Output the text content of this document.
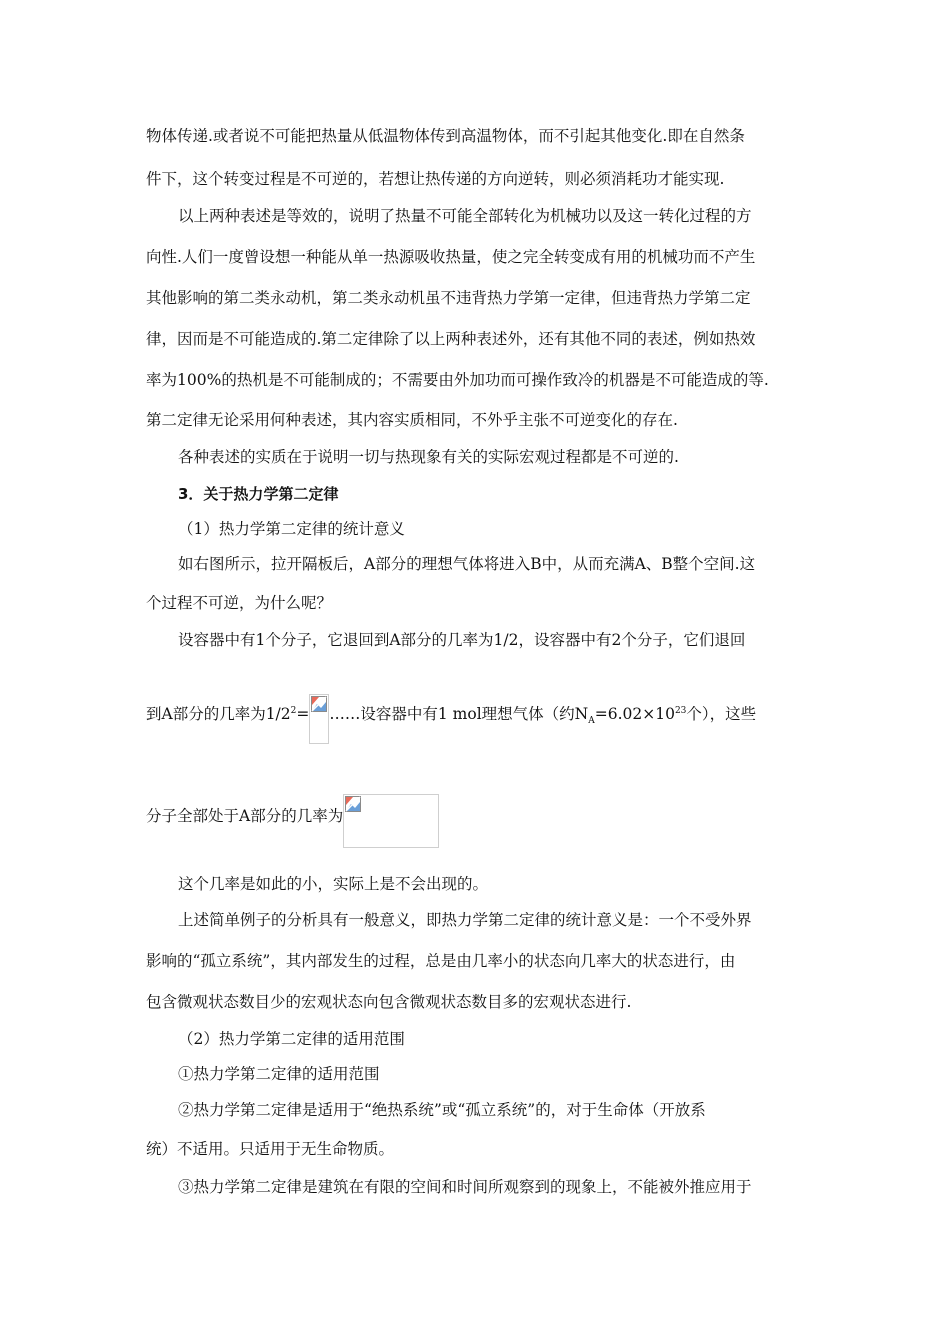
物体传递.或者说不可能把热量从低温物体传到高温物体，而不引起其他变化.即在自然条
件下，这个转变过程是不可逆的，若想让热传递的方向逆转，则必须消耗功才能实现.
以上两种表述是等效的，说明了热量不可能全部转化为机械功以及这一转化过程的方
向性.人们一度曾设想一种能从单一热源吸收热量，使之完全转变成有用的机械功而不产生
其他影响的第二类永动机，第二类永动机虽不违背热力学第一定律，但违背热力学第二定
律，因而是不可能造成的.第二定律除了以上两种表述外，还有其他不同的表述，例如热效
率为100%的热机是不可能制成的；不需要由外加功而可操作致冷的机器是不可能造成的等.
第二定律无论采用何种表述，其内容实质相同，不外乎主张不可逆变化的存在.
各种表述的实质在于说明一切与热现象有关的实际宏观过程都是不可逆的.
3．关于热力学第二定律
（1）热力学第二定律的统计意义
如右图所示，拉开隔板后，A部分的理想气体将进入B中，从而充满A、B整个空间.这
个过程不可逆，为什么呢？
设容器中有1个分子，它退回到A部分的几率为1/2，设容器中有2个分子，它们退回
到A部分的几率为$1/2^2=$ ……设容器中有1 mol理想气体（约$N_A=6.02\times 10^{23}$个），这些
分子全部处于A部分的几率为
这个几率是如此的小，实际上是不会出现的。
上述简单例子的分析具有一般意义，即热力学第二定律的统计意义是：一个不受外界
影响的“孤立系统”，其内部发生的过程，总是由几率小的状态向几率大的状态进行，由
包含微观状态数目少的宏观状态向包含微观状态数目多的宏观状态进行.
（2）热力学第二定律的适用范围
①热力学第二定律的适用范围
②热力学第二定律是适用于“绝热系统”或“孤立系统”的，对于生命体（开放系
统）不适用。只适用于无生命物质。
③热力学第二定律是建筑在有限的空间和时间所观察到的现象上，不能被外推应用于
